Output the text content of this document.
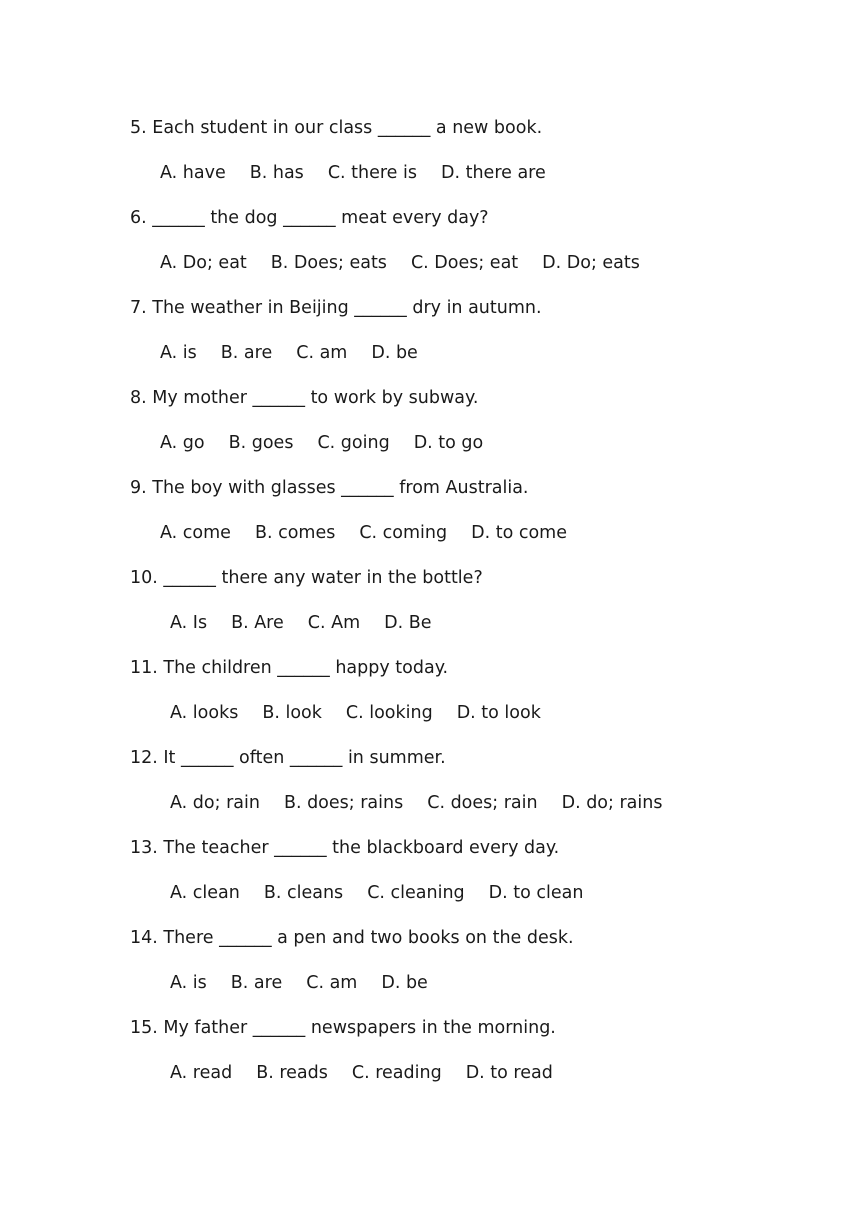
5. Each student in our class ______ a new book.
A. have B. has C. there is D. there are
6. ______ the dog ______ meat every day?
A. Do; eat B. Does; eats C. Does; eat D. Do; eats
7. The weather in Beijing ______ dry in autumn.
A. is B. are C. am D. be
8. My mother ______ to work by subway.
A. go B. goes C. going D. to go
9. The boy with glasses ______ from Australia.
A. come B. comes C. coming D. to come
10. ______ there any water in the bottle?
A. Is B. Are C. Am D. Be
11. The children ______ happy today.
A. looks B. look C. looking D. to look
12. It ______ often ______ in summer.
A. do; rain B. does; rains C. does; rain D. do; rains
13. The teacher ______ the blackboard every day.
A. clean B. cleans C. cleaning D. to clean
14. There ______ a pen and two books on the desk.
A. is B. are C. am D. be
15. My father ______ newspapers in the morning.
A. read B. reads C. reading D. to read
